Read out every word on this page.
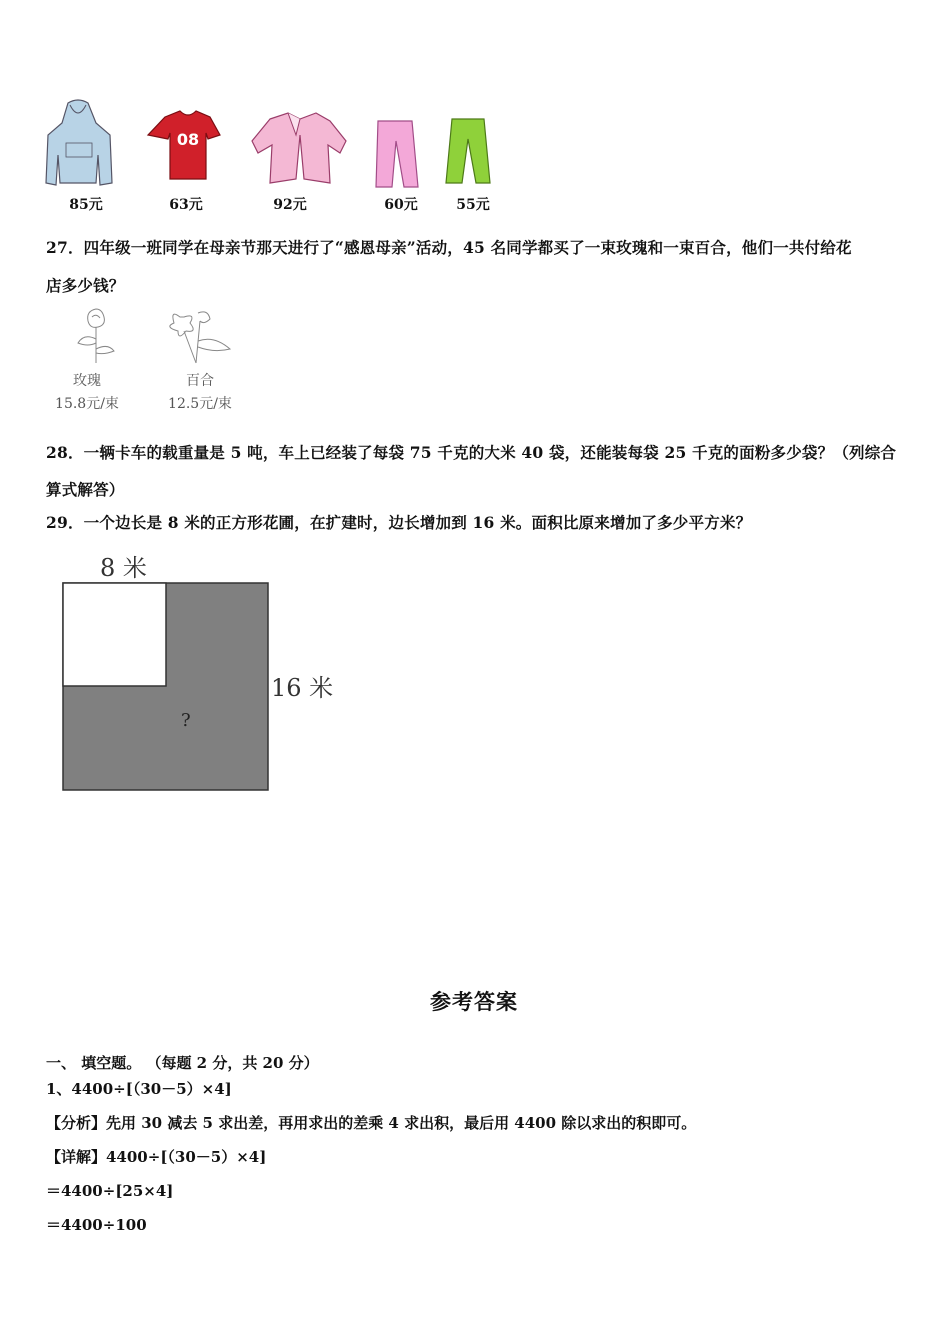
08
85元	63元	92元	60元	55元
27．四年级一班同学在母亲节那天进行了“感恩母亲”活动，45 名同学都买了一束玫瑰和一束百合，他们一共付给花
店多少钱？
玫瑰	百合
15.8元/束	12.5元/束
28．一辆卡车的载重量是 5 吨，车上已经装了每袋 75 千克的大米 40 袋，还能装每袋 25 千克的面粉多少袋？（列综合
算式解答）
29．一个边长是 8 米的正方形花圃，在扩建时，边长增加到 16 米。面积比原来增加了多少平方米？
8 米
16 米
?
参考答案
一、 填空题。 （每题 2 分，共 20 分）
1、4400÷[（30－5）×4]
【分析】先用 30 减去 5 求出差，再用求出的差乘 4 求出积，最后用 4400 除以求出的积即可。
【详解】4400÷[（30－5）×4]
＝4400÷[25×4]
＝4400÷100
